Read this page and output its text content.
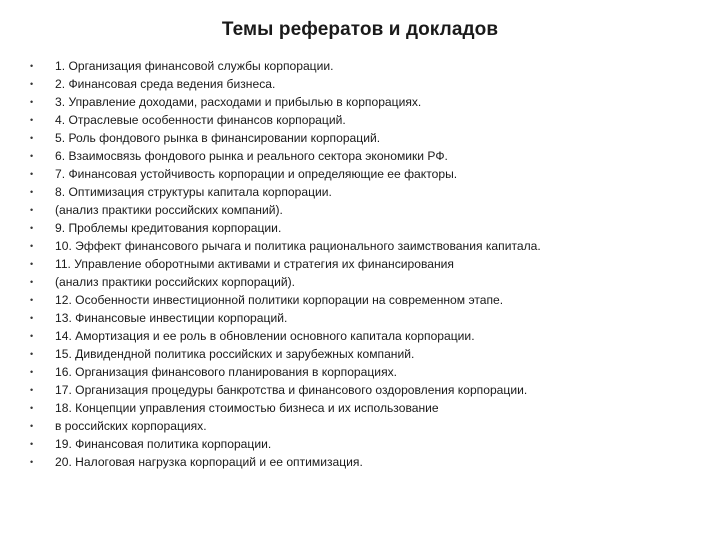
Темы рефератов и докладов
• 1. Организация финансовой службы корпорации.
• 2. Финансовая среда ведения бизнеса.
• 3. Управление доходами, расходами и прибылью в корпорациях.
• 4. Отраслевые особенности финансов корпораций.
• 5. Роль фондового рынка в финансировании корпораций.
• 6. Взаимосвязь фондового рынка и реального сектора экономики РФ.
• 7. Финансовая устойчивость корпорации и определяющие ее факторы.
• 8. Оптимизация структуры капитала корпорации.
• (анализ практики российских компаний).
• 9. Проблемы кредитования корпорации.
• 10. Эффект финансового рычага и политика рационального заимствования капитала.
• 11. Управление оборотными активами и стратегия их финансирования
• (анализ практики российских корпораций).
• 12. Особенности инвестиционной политики корпорации на современном этапе.
• 13. Финансовые инвестиции корпораций.
• 14. Амортизация и ее роль в обновлении основного капитала корпорации.
• 15. Дивидендной политика российских и зарубежных компаний.
• 16. Организация финансового планирования в корпорациях.
• 17. Организация процедуры банкротства и финансового оздоровления корпорации.
• 18. Концепции управления стоимостью бизнеса и их использование
• в российских корпорациях.
• 19. Финансовая политика корпорации.
• 20. Налоговая нагрузка корпораций и ее оптимизация.
